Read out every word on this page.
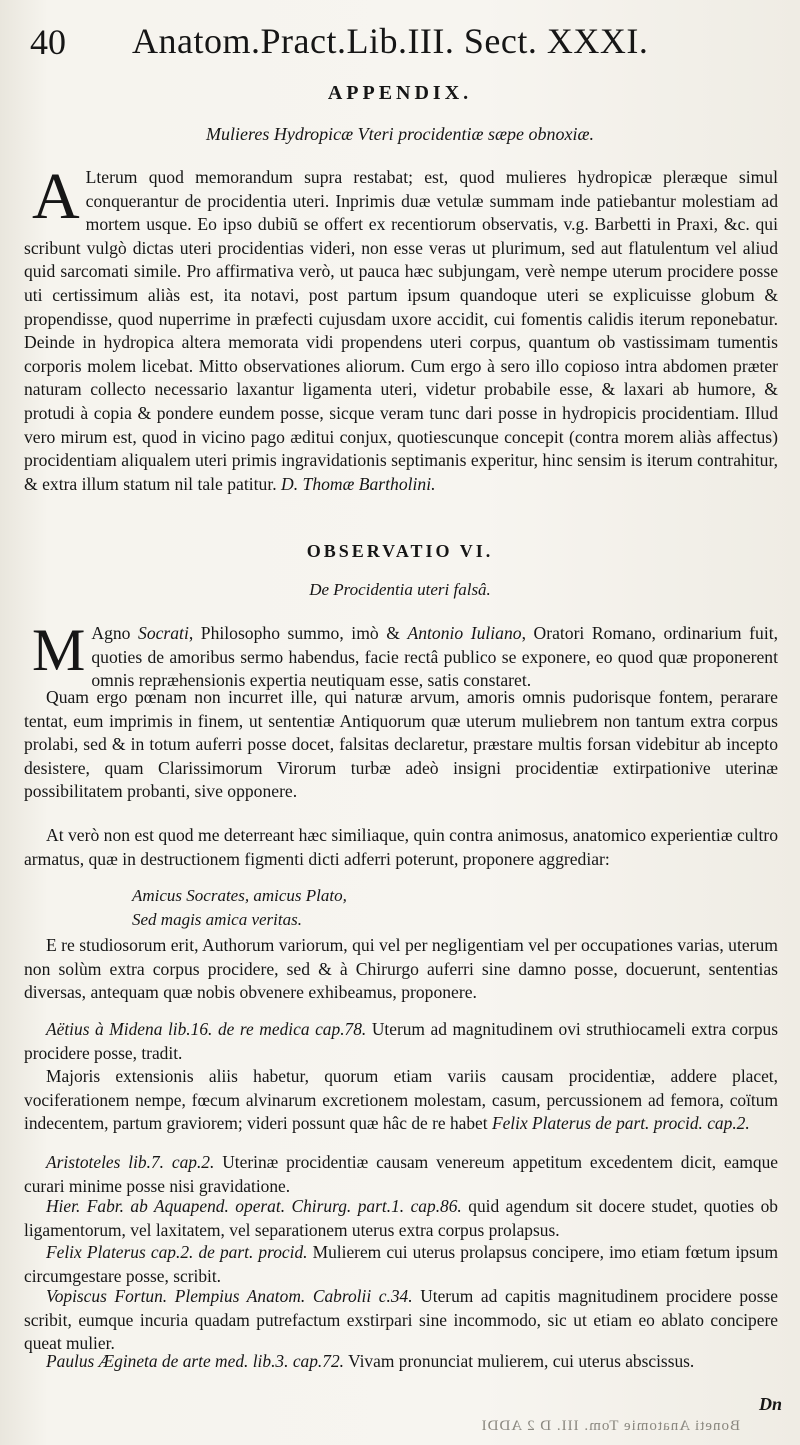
40 Anatom.Pract.Lib.III. Sect. XXXI.
APPENDIX.
Mulieres Hydropicæ Vteri procidentiæ sæpe obnoxiæ.

A Lterum quod memorandum supra restabat; est, quod mulieres hydropicæ pleræque simul conquerantur de procidentia uteri. Inprimis duæ vetulæ summam inde patiebantur molestiam ad mortem usque. Eo ipso dubiũ se offert ex recentiorum observatis, v.g. Barbetti in Praxi, &c. qui scribunt vulgò dictas uteri procidentias videri, non esse veras ut plurimum, sed aut flatulentum vel aliud quid sarcomati simile. Pro affirmativa verò, ut pauca hæc subjungam, verè nempe uterum procidere posse uti certissimum aliàs est, ita notavi, post partum ipsum quandoque uteri se explicuisse globum & propendisse, quod nuperrime in præfecti cujusdam uxore accidit, cui fomentis calidis iterum reponebatur. Deinde in hydropica altera memorata vidi propendens uteri corpus, quantum ob vastissimam tumentis corporis molem licebat. Mitto observationes aliorum. Cum ergo à sero illo copioso intra abdomen præter naturam collecto necessario laxantur ligamenta uteri, videtur probabile esse, & laxari ab humore, & protudi à copia & pondere eundem posse, sicque veram tunc dari posse in hydropicis procidentiam. Illud vero mirum est, quod in vicino pago æditui conjux, quotiescunque concepit (contra morem aliàs affectus) procidentiam aliqualem uteri primis ingravidationis septimanis experitur, hinc sensim is iterum contrahitur, & extra illum statum nil tale patitur. D. Thomæ Bartholini.

OBSERVATIO VI.
De Procidentia uteri falsâ.

M Agno Socrati, Philosopho summo, imò & Antonio Iuliano, Oratori Romano, ordinarium fuit, quoties de amoribus sermo habendus, facie rectâ publico se exponere, eo quod quæ proponerent omnis repræhensionis expertia neutiquam esse, satis constaret.

Quam ergo pœnam non incurret ille, qui naturæ arvum, amoris omnis pudorisque fontem, perarare tentat, eum imprimis in finem, ut sententiæ Antiquorum quæ uterum muliebrem non tantum extra corpus prolabi, sed & in totum auferri posse docet, falsitas declaretur, præstare multis forsan videbitur ab incepto desistere, quam Clarissimorum Virorum turbæ adeò insigni procidentiæ extirpationive uterinæ possibilitatem probanti, sive opponere.

At verò non est quod me deterreant hæc similiaque, quin contra animosus, anatomico experientiæ cultro armatus, quæ in destructionem figmenti dicti adferri poterunt, proponere aggrediar:

Amicus Socrates, amicus Plato,
Sed magis amica veritas.

E re studiosorum erit, Authorum variorum, qui vel per negligentiam vel per occupationes varias, uterum non solùm extra corpus procidere, sed & à Chirurgo auferri sine damno posse, docuerunt, sententias diversas, antequam quæ nobis obvenere exhibeamus, proponere.

Aëtius à Midena lib.16. de re medica cap.78. Uterum ad magnitudinem ovi struthiocameli extra corpus procidere posse, tradit.

Majoris extensionis aliis habetur, quorum etiam variis causam procidentiæ, addere placet, vociferationem nempe, fœcum alvinarum excretionem molestam, casum, percussionem ad femora, coïtum indecentem, partum graviorem; videri possunt quæ hâc de re habet Felix Platerus de part. procid. cap.2.

Aristoteles lib.7. cap.2. Uterinæ procidentiæ causam venereum appetitum excedentem dicit, eamque curari minime posse nisi gravidatione.

Hier. Fabr. ab Aquapend. operat. Chirurg. part.1. cap.86. quid agendum sit docere studet, quoties ob ligamentorum, vel laxitatem, vel separationem uterus extra corpus prolapsus.

Felix Platerus cap.2. de part. procid. Mulierem cui uterus prolapsus concipere, imo etiam fœtum ipsum circumgestare posse, scribit.

Vopiscus Fortun. Plempius Anatom. Cabrolii c.34. Uterum ad capitis magnitudinem procidere posse scribit, eumque incuria quadam putrefactum exstirpari sine incommodo, sic ut etiam eo ablato concipere queat mulier.

Paulus Ægineta de arte med. lib.3. cap.72. Vivam pronunciat mulierem, cui uterus abscissus.

Dn
Boneti Anatomie Tom. III. D 2 ADDI
